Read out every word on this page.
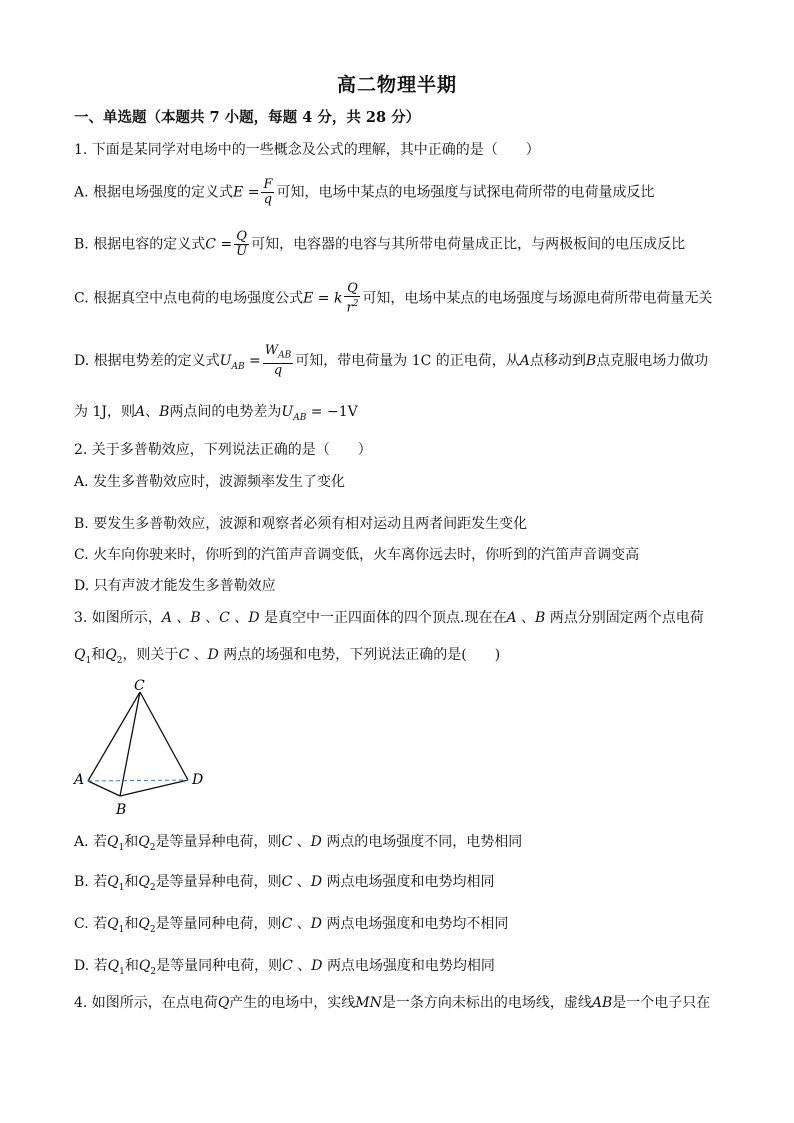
高二物理半期
一、单选题（本题共 7 小题，每题 4 分，共 28 分）
1. 下面是某同学对电场中的一些概念及公式的理解，其中正确的是（　　）
A. 根据电场强度的定义式$E = \frac{F}{q}$ 可知，电场中某点的电场强度与试探电荷所带的电荷量成反比
B. 根据电容的定义式$C = \frac{Q}{U}$ 可知，电容器的电容与其所带电荷量成正比，与两极板间的电压成反比
C. 根据真空中点电荷的电场强度公式E = k $\frac{Q}{r^2}$ 可知，电场中某点的电场强度与场源电荷所带电荷量无关
D. 根据电势差的定义式$U_{AB} = \frac{W_{AB}}{q}$ 可知，带电荷量为 1C 的正电荷，从A点移动到B点克服电场力做功
为 1J，则A、B两点间的电势差为$U_{AB} = -1V$
2. 关于多普勒效应，下列说法正确的是（　　）
A. 发生多普勒效应时，波源频率发生了变化
B. 要发生多普勒效应，波源和观察者必须有相对运动且两者间距发生变化
C. 火车向你驶来时，你听到的汽笛声音调变低，火车离你远去时，你听到的汽笛声音调变高
D. 只有声波才能发生多普勒效应
3. 如图所示，A 、B 、C 、D 是真空中一正四面体的四个顶点.现在在A 、B 两点分别固定两个点电荷
$Q_1$和$Q_2$，则关于C 、D 两点的场强和电势，下列说法正确的是(　　)
C
A
B
D
A. 若$Q_1$和$Q_2$是等量异种电荷，则C 、D 两点的电场强度不同，电势相同
B. 若$Q_1$和$Q_2$是等量异种电荷，则C 、D 两点电场强度和电势均相同
C. 若$Q_1$和$Q_2$是等量同种电荷，则C 、D 两点电场强度和电势均不相同
D. 若$Q_1$和$Q_2$是等量同种电荷，则C 、D 两点电场强度和电势均相同
4. 如图所示，在点电荷Q产生的电场中，实线MN是一条方向未标出的电场线，虚线AB是一个电子只在
